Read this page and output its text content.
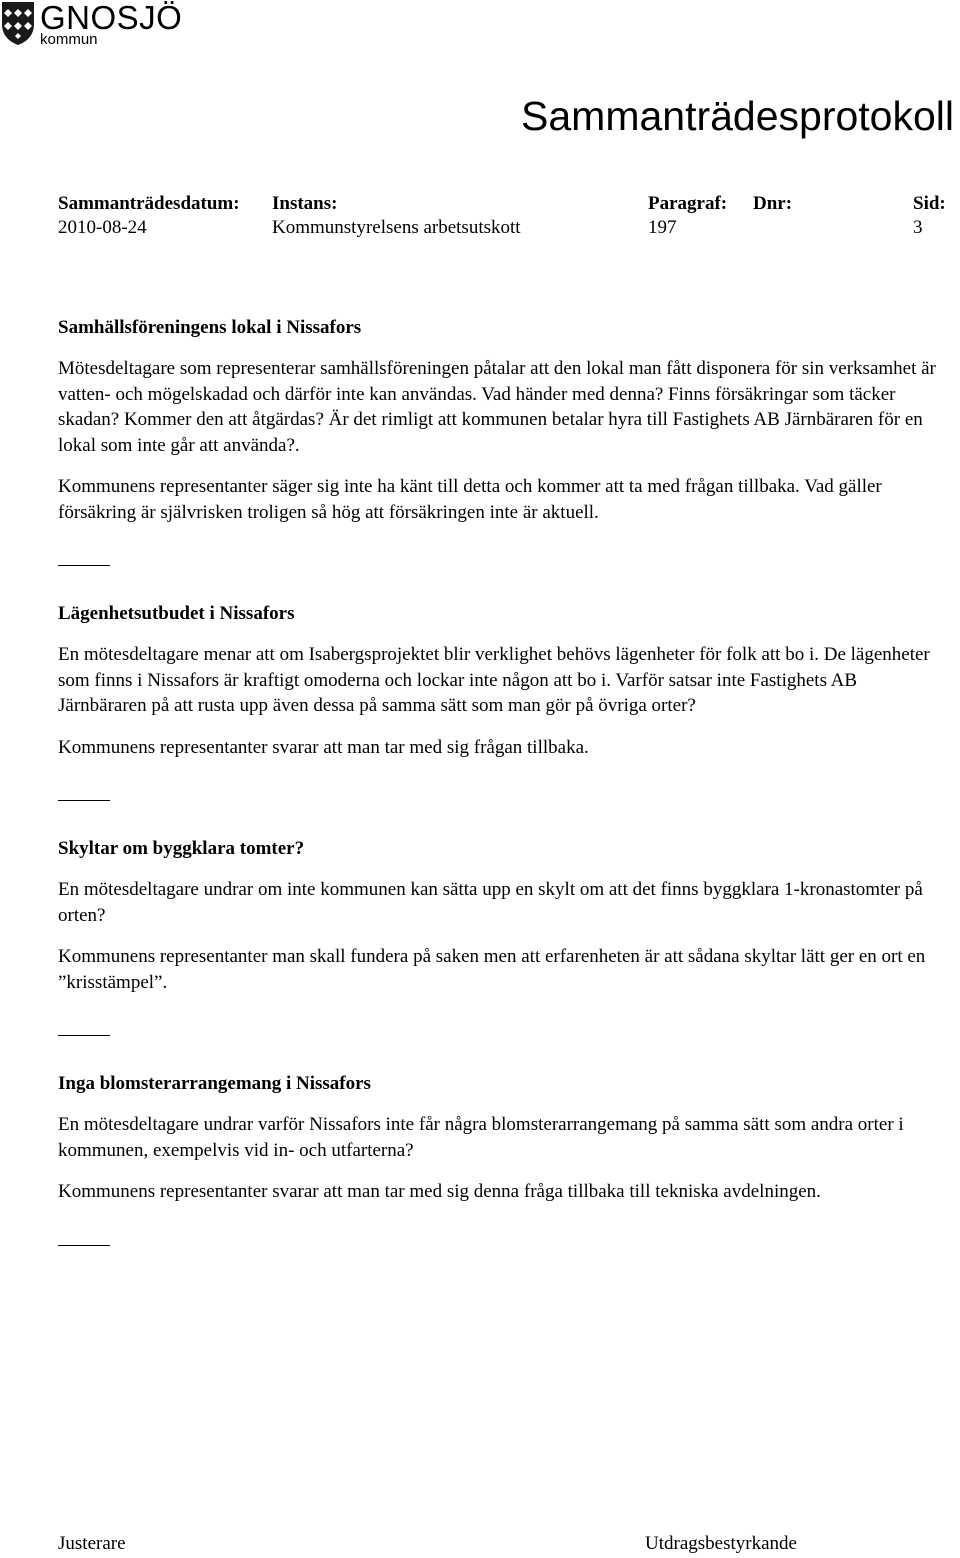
GNOSJÖ
kommun
Sammanträdesprotokoll
Sammanträdesdatum:
2010-08-24
Instans:
Kommunstyrelsens arbetsutskott
Paragraf:
197
Dnr:	Sid:
3
Samhällsföreningens lokal i Nissafors

Mötesdeltagare som representerar samhällsföreningen påtalar att den lokal man fått disponera för sin verksamhet är vatten- och mögelskadad och därför inte kan användas. Vad händer med denna? Finns försäkringar som täcker skadan? Kommer den att åtgärdas? Är det rimligt att kommunen betalar hyra till Fastighets AB Järnbäraren för en lokal som inte går att använda?.

Kommunens representanter säger sig inte ha känt till detta och kommer att ta med frågan tillbaka. Vad gäller försäkring är självrisken troligen så hög att försäkringen inte är aktuell.

Lägenhetsutbudet i Nissafors

En mötesdeltagare menar att om Isabergsprojektet blir verklighet behövs lägenheter för folk att bo i. De lägenheter som finns i Nissafors är kraftigt omoderna och lockar inte någon att bo i. Varför satsar inte Fastighets AB Järnbäraren på att rusta upp även dessa på samma sätt som man gör på övriga orter?

Kommunens representanter svarar att man tar med sig frågan tillbaka.

Skyltar om byggklara tomter?

En mötesdeltagare undrar om inte kommunen kan sätta upp en skylt om att det finns byggklara 1-kronastomter på orten?

Kommunens representanter man skall fundera på saken men att erfarenheten är att sådana skyltar lätt ger en ort en ”krisstämpel”.

Inga blomsterarrangemang i Nissafors

En mötesdeltagare undrar varför Nissafors inte får några blomsterarrangemang på samma sätt som andra orter i kommunen, exempelvis vid in- och utfarterna?

Kommunens representanter svarar att man tar med sig denna fråga tillbaka till tekniska avdelningen.

Justerare	Utdragsbestyrkande
